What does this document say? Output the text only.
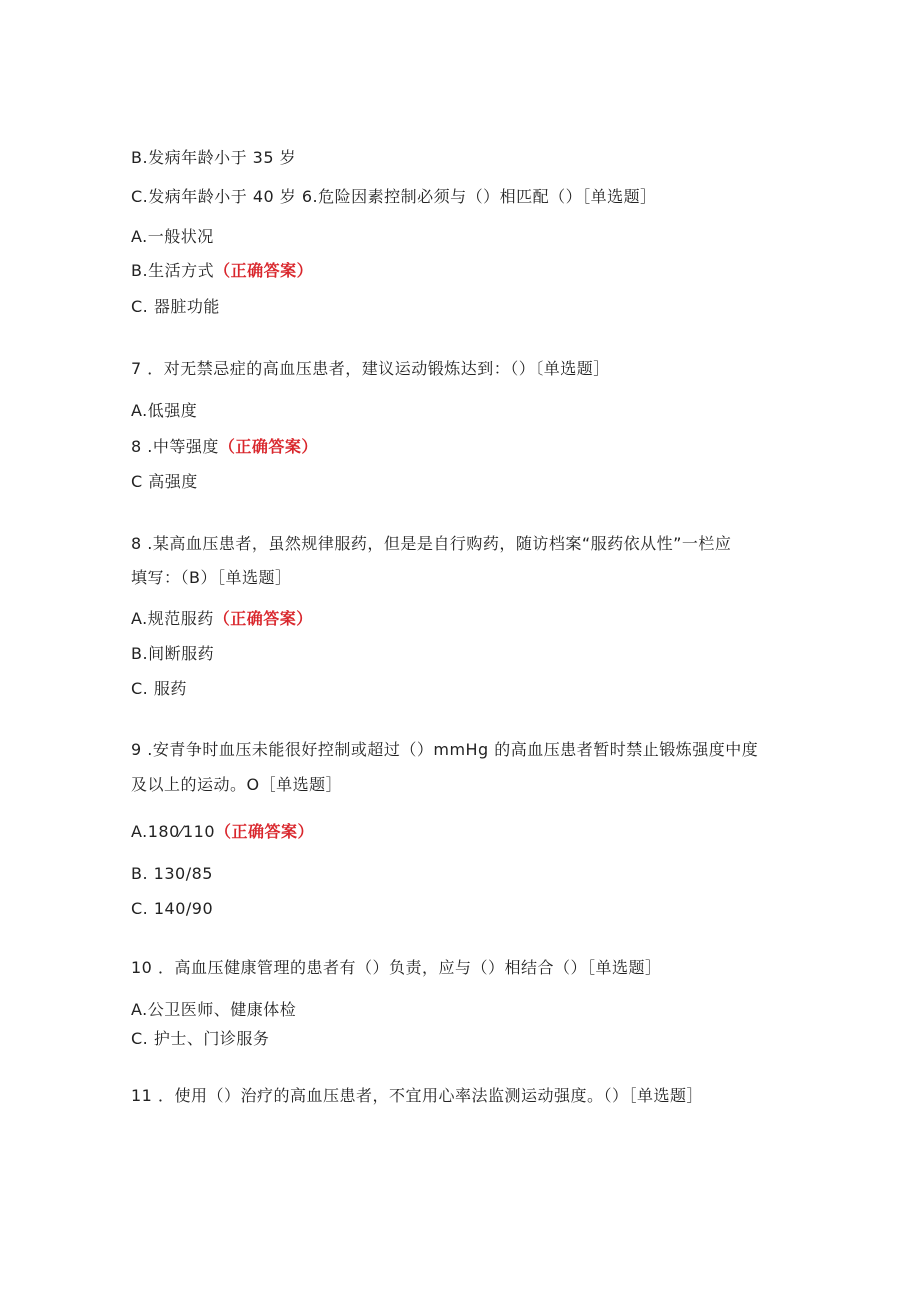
B.发病年龄小于 35 岁
C.发病年龄小于 40 岁 6.危险因素控制必须与（）相匹配（）［单选题］
A.一般状况
B.生活方式（正确答案）
C. 器脏功能
7 ．对无禁忌症的高血压患者，建议运动锻炼达到：（）〔单选题］
A.低强度
8 .中等强度（正确答案）
C 高强度
8 .某高血压患者，虽然规律服药，但是是自行购药，随访档案“服药依从性”一栏应
填写：（B）［单选题］
A.规范服药（正确答案）
B.间断服药
C. 服药
9 .安青争时血压未能很好控制或超过（）mmHg 的高血压患者暂时禁止锻炼强度中度
及以上的运动。O［单选题］
A.180⁄110（正确答案）
B. 130/85
C. 140/90
10 ．高血压健康管理的患者有（）负责，应与（）相结合（）［单选题］
A.公卫医师、健康体检
C. 护士、门诊服务
11 ．使用（）治疗的高血压患者，不宜用心率法监测运动强度。（）［单选题］
